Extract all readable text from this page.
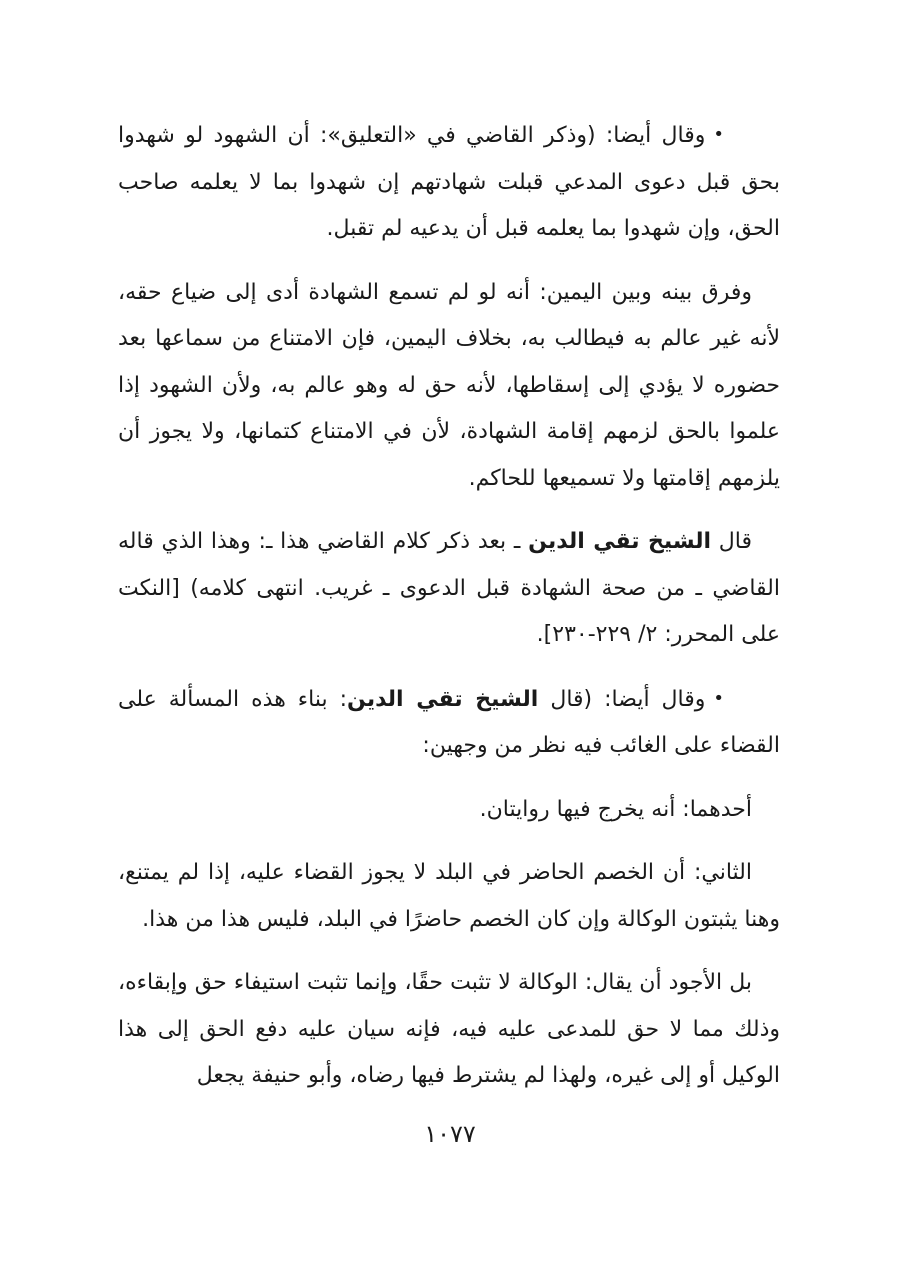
•وقال أيضا: (وذكر القاضي في «التعليق»: أن الشهود لو شهدوا بحق قبل دعوى المدعي قبلت شهادتهم إن شهدوا بما لا يعلمه صاحب الحق، وإن شهدوا بما يعلمه قبل أن يدعيه لم تقبل.

وفرق بينه وبين اليمين: أنه لو لم تسمع الشهادة أدى إلى ضياع حقه، لأنه غير عالم به فيطالب به، بخلاف اليمين، فإن الامتناع من سماعها بعد حضوره لا يؤدي إلى إسقاطها، لأنه حق له وهو عالم به، ولأن الشهود إذا علموا بالحق لزمهم إقامة الشهادة، لأن في الامتناع كتمانها، ولا يجوز أن يلزمهم إقامتها ولا تسميعها للحاكم.

قال الشيخ تقي الدين ـ بعد ذكر كلام القاضي هذا ـ: وهذا الذي قاله القاضي ـ من صحة الشهادة قبل الدعوى ـ غريب. انتهى كلامه) [النكت على المحرر: ٢/ ٢٢٩-٢٣٠].

•وقال أيضا: (قال الشيخ تقي الدين: بناء هذه المسألة على القضاء على الغائب فيه نظر من وجهين:

أحدهما: أنه يخرج فيها روايتان.

الثاني: أن الخصم الحاضر في البلد لا يجوز القضاء عليه، إذا لم يمتنع، وهنا يثبتون الوكالة وإن كان الخصم حاضرًا في البلد، فليس هذا من هذا.

بل الأجود أن يقال: الوكالة لا تثبت حقًا، وإنما تثبت استيفاء حق وإبقاءه، وذلك مما لا حق للمدعى عليه فيه، فإنه سيان عليه دفع الحق إلى هذا الوكيل أو إلى غيره، ولهذا لم يشترط فيها رضاه، وأبو حنيفة يجعل

١٠٧٧
